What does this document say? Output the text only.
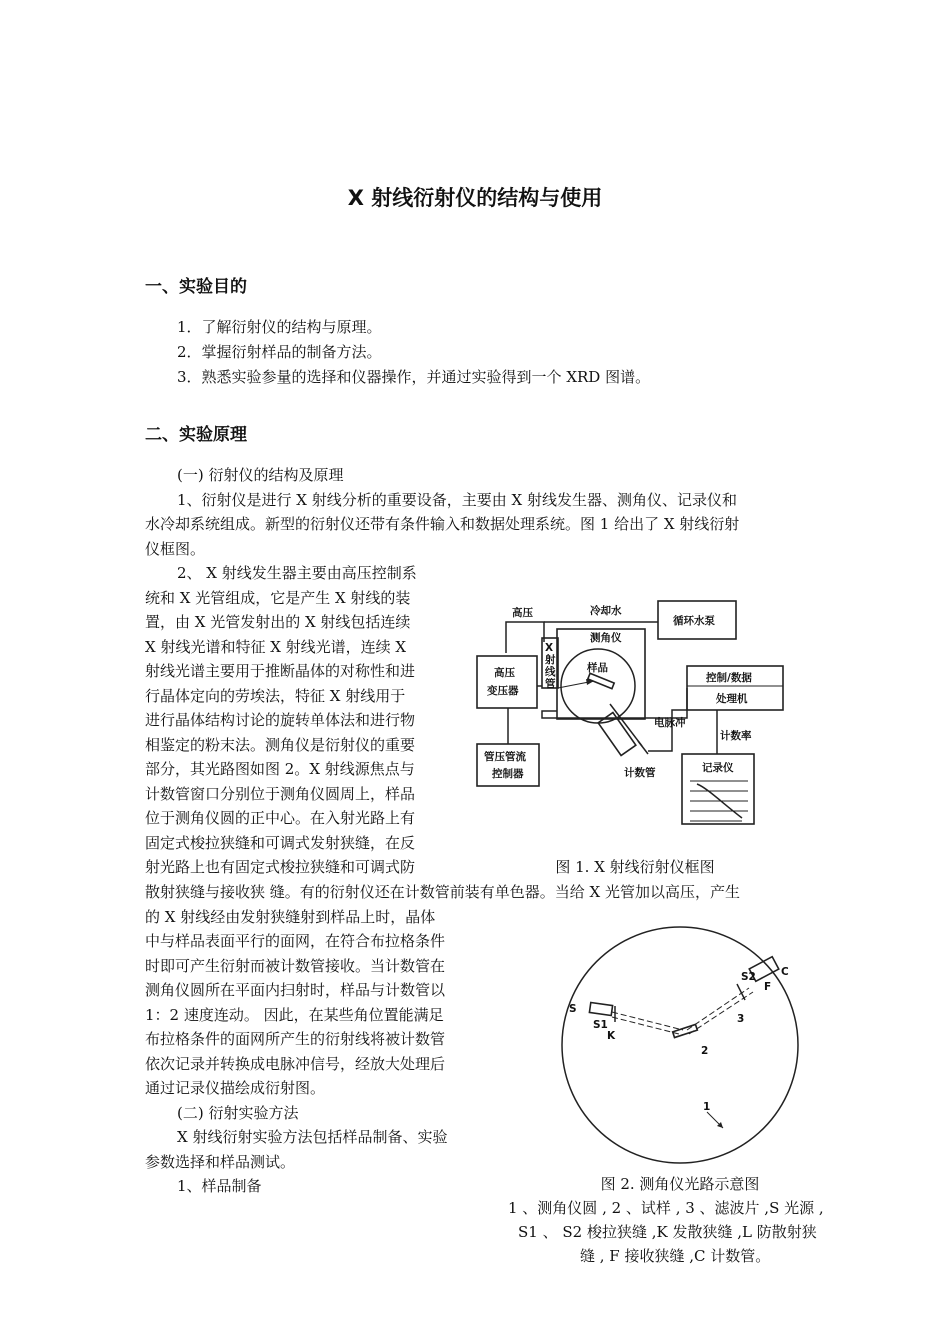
X 射线衍射仪的结构与使用
一、实验目的
1．了解衍射仪的结构与原理。
2．掌握衍射样品的制备方法。
3．熟悉实验参量的选择和仪器操作，并通过实验得到一个 XRD 图谱。
二、实验原理
(一) 衍射仪的结构及原理
1、衍射仪是进行 X 射线分析的重要设备，主要由 X 射线发生器、测角仪、记录仪和
水冷却系统组成。新型的衍射仪还带有条件输入和数据处理系统。图 1 给出了 X 射线衍射
仪框图。
2、 X 射线发生器主要由高压控制系
统和 X 光管组成，它是产生 X 射线的装
置，由 X 光管发射出的 X 射线包括连续
X 射线光谱和特征 X 射线光谱，连续 X
射线光谱主要用于推断晶体的对称性和进
行晶体定向的劳埃法，特征 X 射线用于
进行晶体结构讨论的旋转单体法和进行物
相鉴定的粉末法。测角仪是衍射仪的重要
部分，其光路图如图 2。X 射线源焦点与
计数管窗口分别位于测角仪圆周上，样品
位于测角仪圆的正中心。在入射光路上有
固定式梭拉狭缝和可调式发射狭缝，在反
射光路上也有固定式梭拉狭缝和可调式防
散射狭缝与接收狭 缝。有的衍射仪还在计数管前装有单色器。当给 X 光管加以高压，产生
的 X 射线经由发射狭缝射到样品上时，晶体
中与样品表面平行的面网，在符合布拉格条件
时即可产生衍射而被计数管接收。当计数管在
测角仪圆所在平面内扫射时，样品与计数管以
1：2 速度连动。 因此，在某些角位置能满足
布拉格条件的面网所产生的衍射线将被计数管
依次记录并转换成电脉冲信号，经放大处理后
通过记录仪描绘成衍射图。
(二) 衍射实验方法
X 射线衍射实验方法包括样品制备、实验
参数选择和样品测试。
1、样品制备
高压	冷却水
循环水泵
测角仪
X
射
线
管
样品
计数管
高压
变压器
管压管流
控制器
控制/数据
处理机
电脉冲
计数率
记录仪
图 1. X 射线衍射仪框图
S
S1
K
2
3
S2
F
C
1
图 2. 测角仪光路示意图
1 、测角仪圆 , 2 、试样 , 3 、滤波片 ,S 光源 ,
S1 、 S2 梭拉狭缝 ,K 发散狭缝 ,L 防散射狭
缝 , F 接收狭缝 ,C 计数管。
